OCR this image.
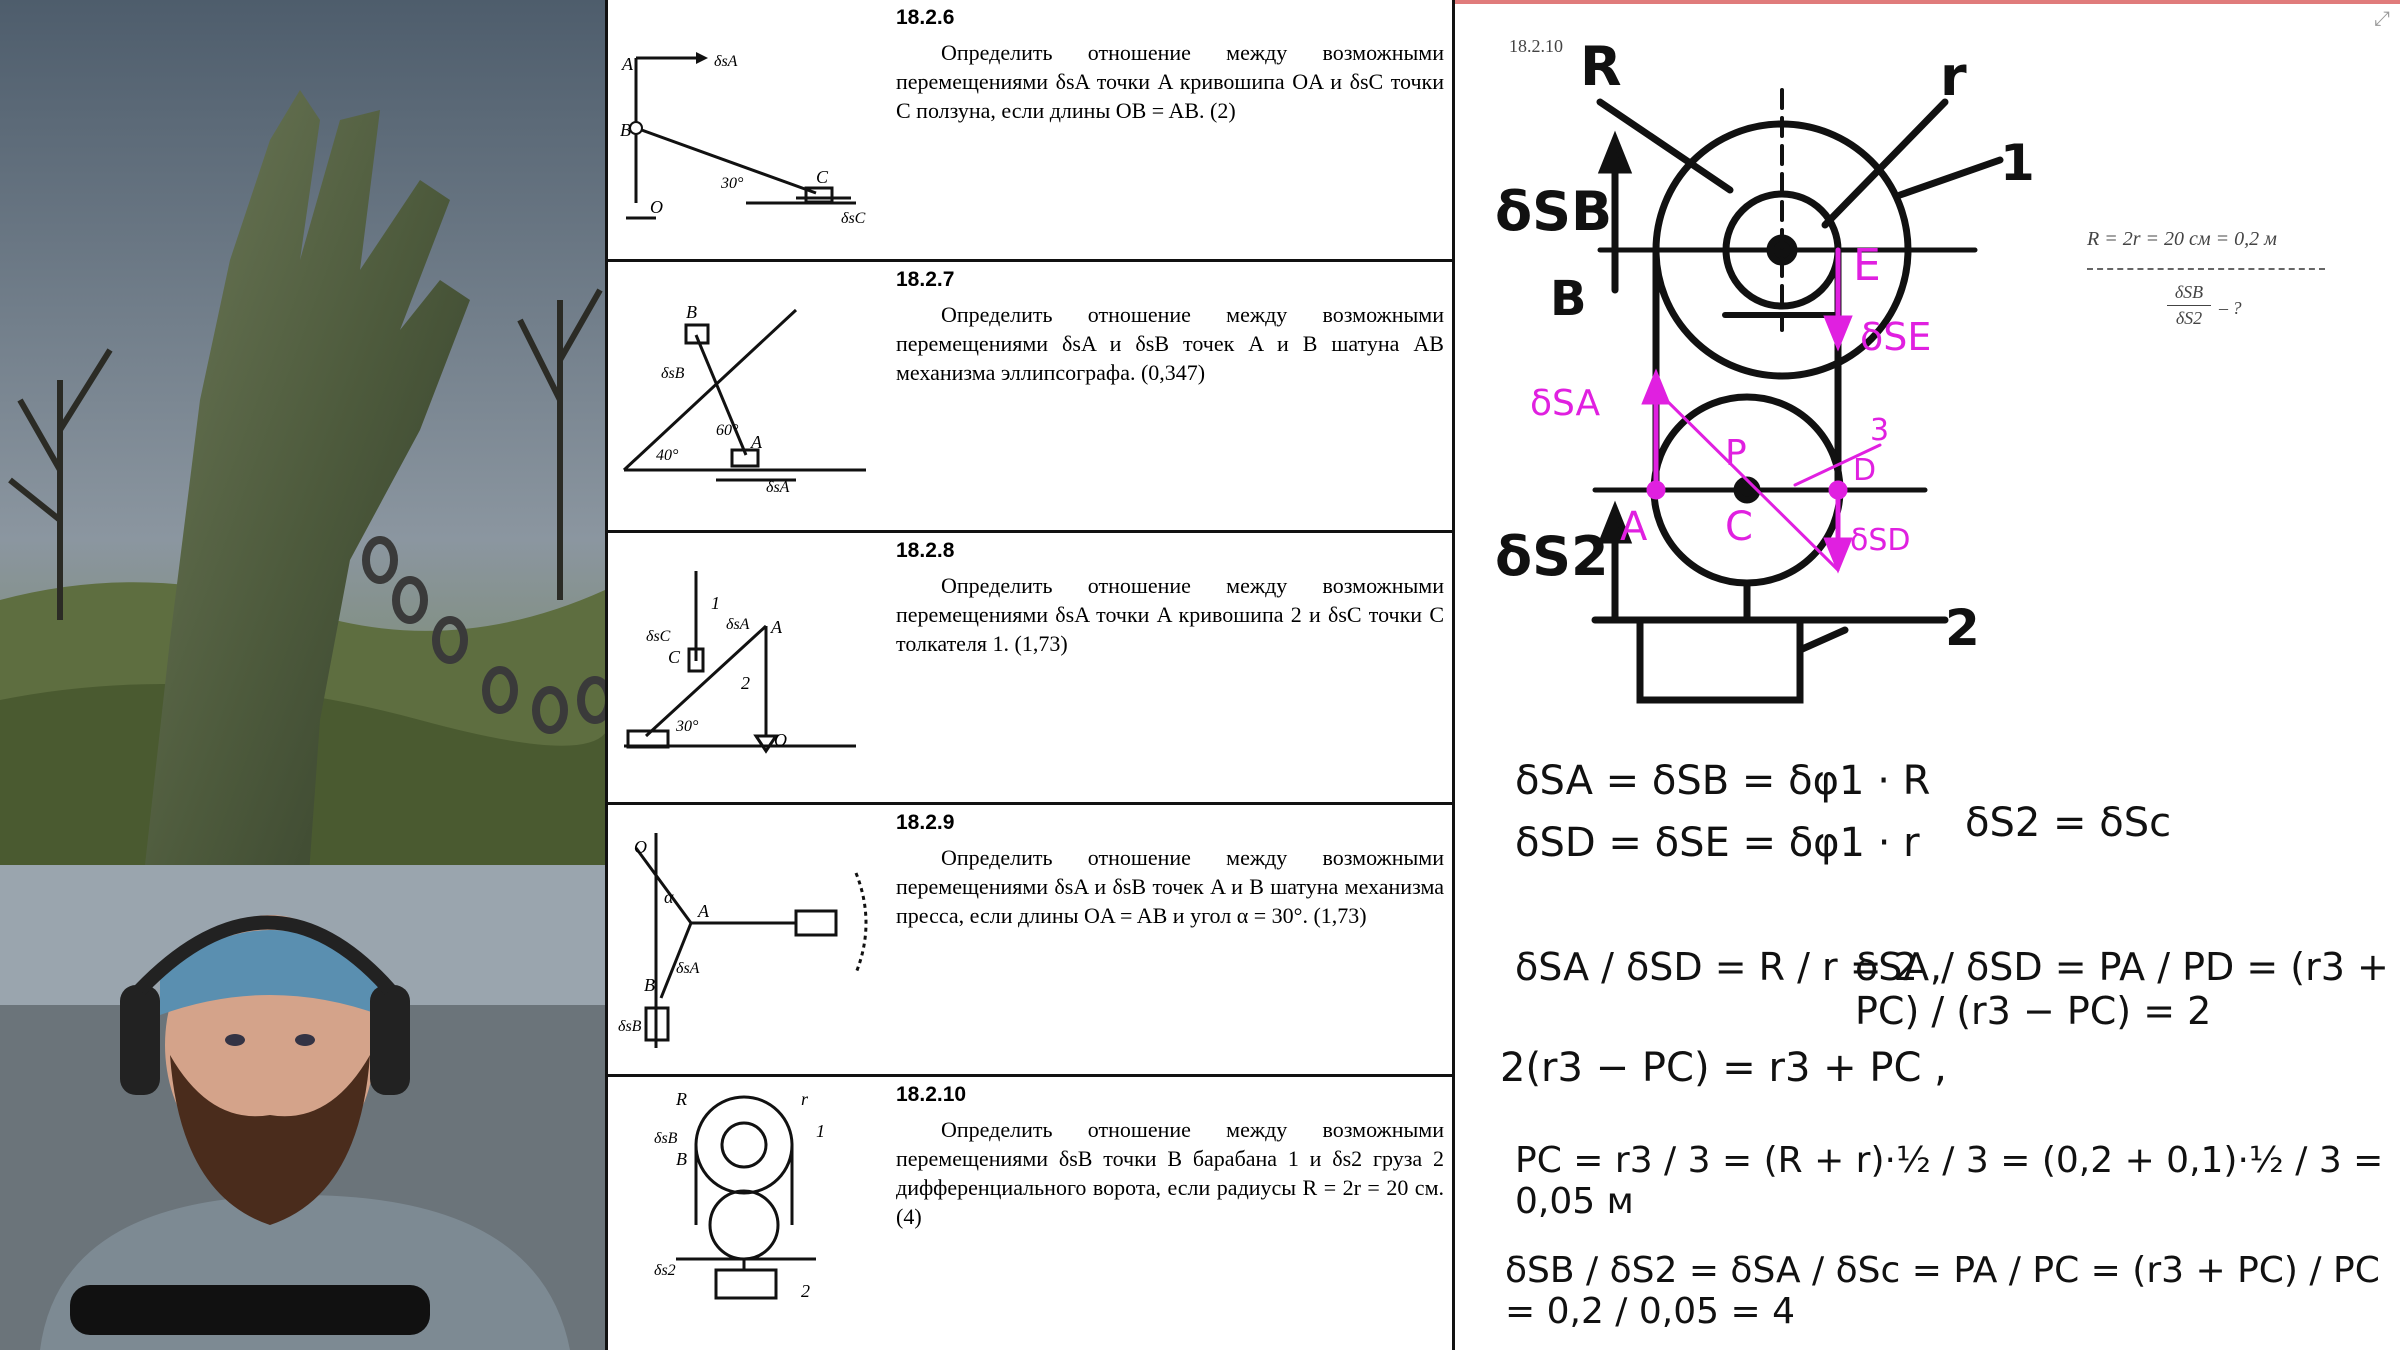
A
B
O
C
δsA
δsC
30°
18.2.6
Определить отношение между возможными перемещениями δsA точки A кривошипа OA и δsC точки C ползуна, если длины OB = AB. (2)
B
A
δsB
δsA
40°
60°
18.2.7
Определить отношение между возможными перемещениями δsA и δsB точек A и B шатуна AB механизма эллипсографа. (0,347)
δsA A
1
2
C
δsC
O
30°
18.2.8
Определить отношение между возможными перемещениями δsA точки A кривошипа 2 и δsC точки C толкателя 1. (1,73)
O
A
B
α
δsA
δsB
18.2.9
Определить отношение между возможными перемещениями δsA и δsB точек A и B шатуна механизма пресса, если длины OA = AB и угол α = 30°. (1,73)
R	r
B
1
2
δsB
δs2
18.2.10
Определить отношение между возможными перемещениями δsB точки B барабана 1 и δs2 груза 2 дифференциального ворота, если радиусы R = 2r = 20 см. (4)
⤢
18.2.10
R = 2r = 20 см = 0,2 м
δSB
δS2 – ?
R	r
1
2
δSB
B
δS2
E
δSE
δSA
3
P	D
A C	δSD
δSA = δSB = δφ1 · R
δSD = δSE = δφ1 · r δS2 = δSc
δSA / δSD = R / r = 2 ,
δSA / δSD = PA / PD = (r3 + PC) / (r3 − PC) = 2
2(r3 − PC) = r3 + PC ,
PC = r3 / 3 = (R + r)·½ / 3 = (0,2 + 0,1)·½ / 3 = 0,05 м
δSB / δS2 = δSA / δSc = PA / PC = (r3 + PC) / PC = 0,2 / 0,05 = 4
